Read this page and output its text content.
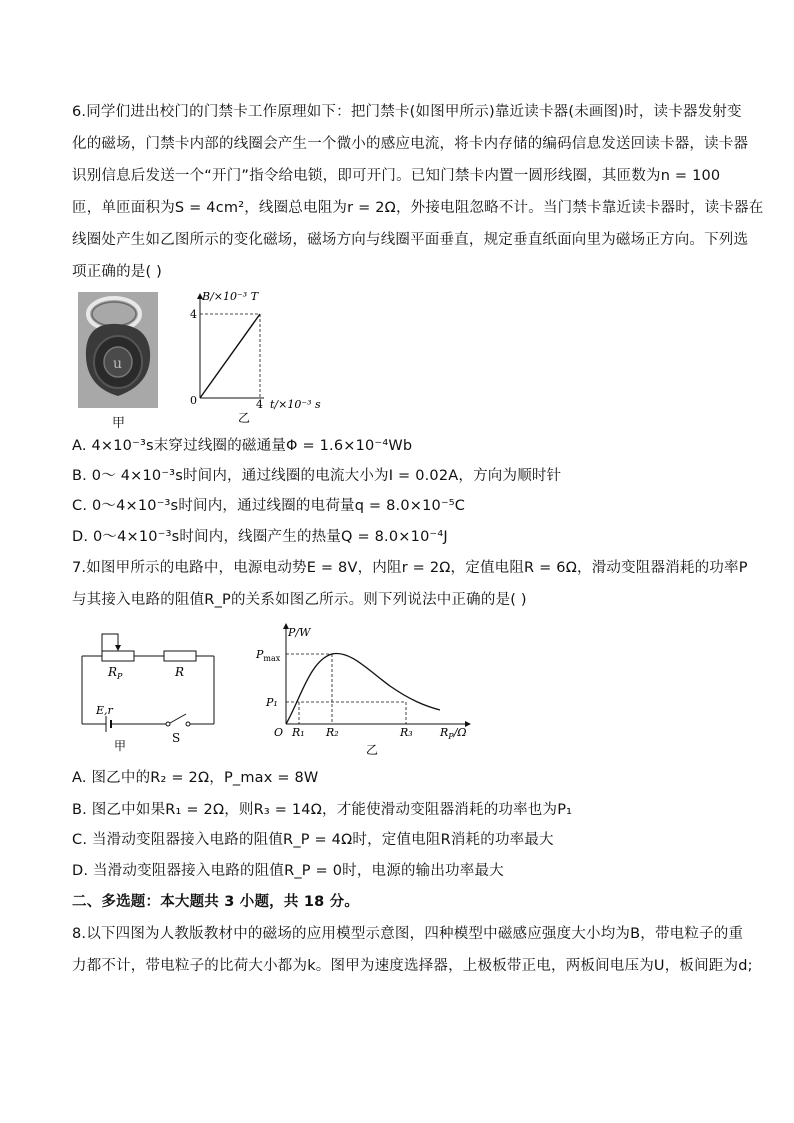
6.同学们进出校门的门禁卡工作原理如下：把门禁卡(如图甲所示)靠近读卡器(未画图)时，读卡器发射变
化的磁场，门禁卡内部的线圈会产生一个微小的感应电流，将卡内存储的编码信息发送回读卡器，读卡器
识别信息后发送一个“开门”指令给电锁，即可开门。已知门禁卡内置一圆形线圈，其匝数为n = 100
匝，单匝面积为S = 4cm²，线圈总电阻为r = 2Ω，外接电阻忽略不计。当门禁卡靠近读卡器时，读卡器在
线圈处产生如乙图所示的变化磁场，磁场方向与线圈平面垂直，规定垂直纸面向里为磁场正方向。下列选
项正确的是( )
u
甲
B/×10⁻³ T
4
0	4 t/×10⁻³ s
乙
A. 4×10⁻³s末穿过线圈的磁通量Φ = 1.6×10⁻⁴Wb
B. 0～ 4×10⁻³s时间内，通过线圈的电流大小为I = 0.02A，方向为顺时针
C. 0～4×10⁻³s时间内，通过线圈的电荷量q = 8.0×10⁻⁵C
D. 0～4×10⁻³s时间内，线圈产生的热量Q = 8.0×10⁻⁴J
7.如图甲所示的电路中，电源电动势E = 8V，内阻r = 2Ω，定值电阻R = 6Ω，滑动变阻器消耗的功率P
与其接入电路的阻值R_P的关系如图乙所示。则下列说法中正确的是( )
$R_P$	R
E,r
S
甲
P/W
$P_{max}$
P₁
O R₁ R₂	R₃ $R_P/\Omega$
乙
A. 图乙中的R₂ = 2Ω，P_max = 8W
B. 图乙中如果R₁ = 2Ω，则R₃ = 14Ω，才能使滑动变阻器消耗的功率也为P₁
C. 当滑动变阻器接入电路的阻值R_P = 4Ω时，定值电阻R消耗的功率最大
D. 当滑动变阻器接入电路的阻值R_P = 0时，电源的输出功率最大
二、多选题：本大题共 3 小题，共 18 分。
8.以下四图为人教版教材中的磁场的应用模型示意图，四种模型中磁感应强度大小均为B，带电粒子的重
力都不计，带电粒子的比荷大小都为k。图甲为速度选择器，上极板带正电，两板间电压为U，板间距为d;
